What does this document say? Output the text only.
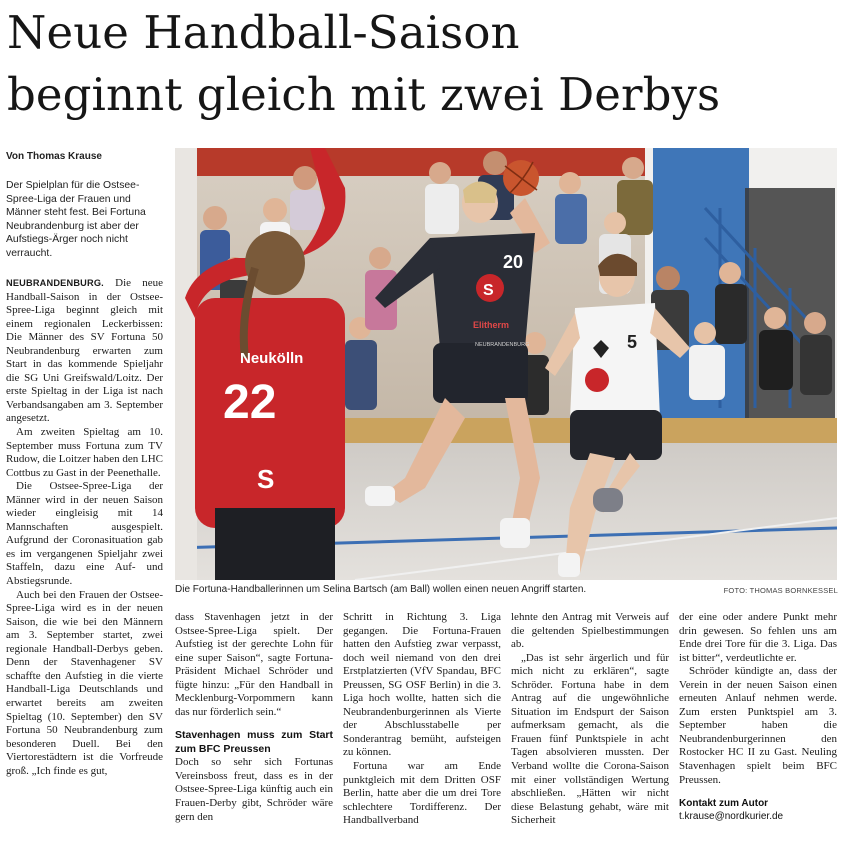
Neue Handball-Saison
beginnt gleich mit zwei Derbys
Von Thomas Krause
Der Spielplan für die Ostsee-Spree-Liga der Frauen und Männer steht fest. Bei Fortuna Neubrandenburg ist aber der Aufstiegs-Ärger noch nicht verraucht.

NEUBRANDENBURG. Die neue Handball-Saison in der Ostsee-Spree-Liga beginnt gleich mit einem regionalen Leckerbissen: Die Männer des SV Fortuna 50 Neubrandenburg erwarten zum Start in das kommende Spieljahr die SG Uni Greifswald/Loitz. Der erste Spieltag in der Liga ist nach Verbandsangaben am 3. September angesetzt.

Am zweiten Spieltag am 10. September muss Fortuna zum TV Rudow, die Loitzer haben den LHC Cottbus zu Gast in der Peenethalle.

Die Ostsee-Spree-Liga der Männer wird in der neuen Saison wieder eingleisig mit 14 Mannschaften ausgespielt. Aufgrund der Coronasituation gab es im vergangenen Spieljahr zwei Staffeln, dazu eine Auf- und Abstiegsrunde.

Auch bei den Frauen der Ostsee-Spree-Liga wird es in der neuen Saison, die wie bei den Männern am 3. September startet, zwei regionale Handball-Derbys geben. Denn der Stavenhagener SV schaffte den Aufstieg in die vierte Handball-Liga Deutschlands und erwartet bereits am zweiten Spieltag (10. September) den SV Fortuna 50 Neubrandenburg zum besonderen Duell. Bei den Viertorestädtern ist die Vorfreude groß. „Ich finde es gut,

Neukölln
22
S
S
20
Elitherm
NEUBRANDENBURG	5
Die Fortuna-Handballerinnen um Selina Bartsch (am Ball) wollen einen neuen Angriff starten.	FOTO: THOMAS BORNKESSEL

dass Stavenhagen jetzt in der Ostsee-Spree-Liga spielt. Der Aufstieg ist der gerechte Lohn für eine super Saison“, sagte Fortuna-Präsident Michael Schröder und fügte hinzu: „Für den Handball in Mecklenburg-Vorpommern kann das nur förderlich sein.“

Stavenhagen muss zum Start zum BFC Preussen

Doch so sehr sich Fortunas Vereinsboss freut, dass es in der Ostsee-Spree-Liga künftig auch ein Frauen-Derby gibt, Schröder wäre gern den

Schritt in Richtung 3. Liga gegangen. Die Fortuna-Frauen hatten den Aufstieg zwar verpasst, doch weil niemand von den drei Erstplatzierten (VfV Spandau, BFC Preussen, SG OSF Berlin) in die 3. Liga hoch wollte, hatten sich die Neubrandenburgerinnen als Vierte der Abschlusstabelle per Sonderantrag bemüht, aufsteigen zu können.

Fortuna war am Ende punktgleich mit dem Dritten OSF Berlin, hatte aber die um drei Tore schlechtere Tordifferenz. Der Handballverband

lehnte den Antrag mit Verweis auf die geltenden Spielbestimmungen ab.

„Das ist sehr ärgerlich und für mich nicht zu erklären“, sagte Schröder. Fortuna habe in dem Antrag auf die ungewöhnliche Situation im Endspurt der Saison aufmerksam gemacht, als die Frauen fünf Punktspiele in acht Tagen absolvieren mussten. Der Verband wollte die Corona-Saison mit einer vollständigen Wertung abschließen. „Hätten wir nicht diese Belastung gehabt, wäre mit Sicherheit

der eine oder andere Punkt mehr drin gewesen. So fehlen uns am Ende drei Tore für die 3. Liga. Das ist bitter“, verdeutlichte er.

Schröder kündigte an, dass der Verein in der neuen Saison einen erneuten Anlauf nehmen werde. Zum ersten Punktspiel am 3. September haben die Neubrandenburgerinnen den Rostocker HC II zu Gast. Neuling Stavenhagen spielt beim BFC Preussen.

Kontakt zum Autor
t.krause@nordkurier.de
